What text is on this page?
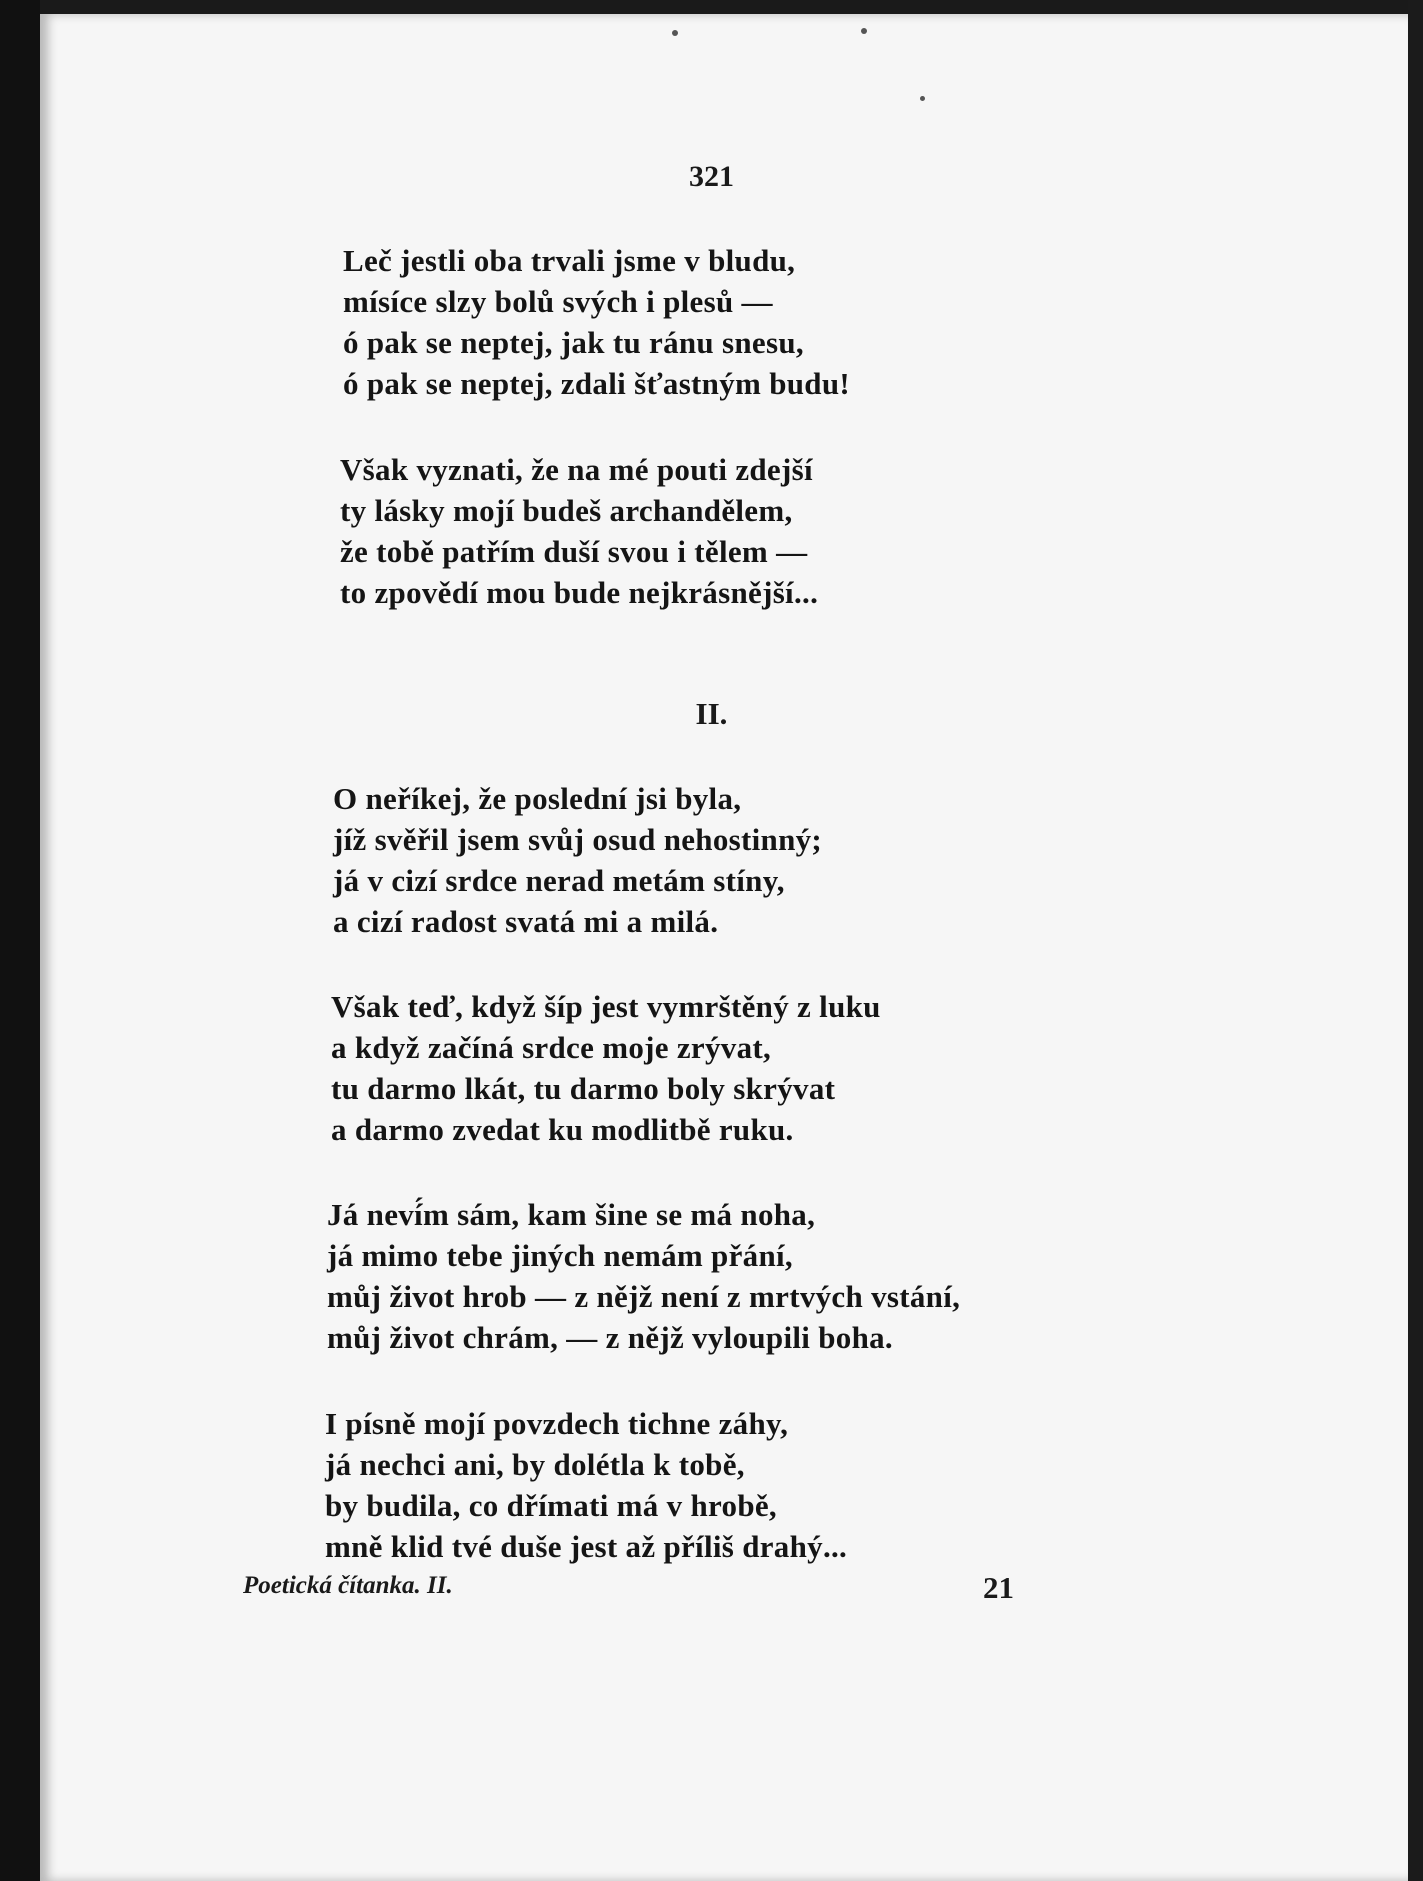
321
Leč jestli oba trvali jsme v bludu,
mísíce slzy bolů svých i plesů —
ó pak se neptej, jak tu ránu snesu,
ó pak se neptej, zdali šťastným budu!
Však vyznati, že na mé pouti zdejší
ty lásky mojí budeš archandělem,
že tobě patřím duší svou i tělem —
to zpovědí mou bude nejkrásnější...
II.
O neříkej, že poslední jsi byla,
jíž svěřil jsem svůj osud nehostinný;
já v cizí srdce nerad metám stíny,
a cizí radost svatá mi a milá.
Však teď, když šíp jest vymrštěný z luku
a když začíná srdce moje zrývat,
tu darmo lkát, tu darmo boly skrývat
a darmo zvedat ku modlitbě ruku.
Já neví́m sám, kam šine se má noha,
já mimo tebe jiných nemám přání,
můj život hrob — z nějž není z mrtvých vstání,
můj život chrám, — z nějž vyloupili boha.
I písně mojí povzdech tichne záhy,
já nechci ani, by dolétla k tobě,
by budila, co dřímati má v hrobě,
mně klid tvé duše jest až příliš drahý...
Poetická čítanka. II.	21
